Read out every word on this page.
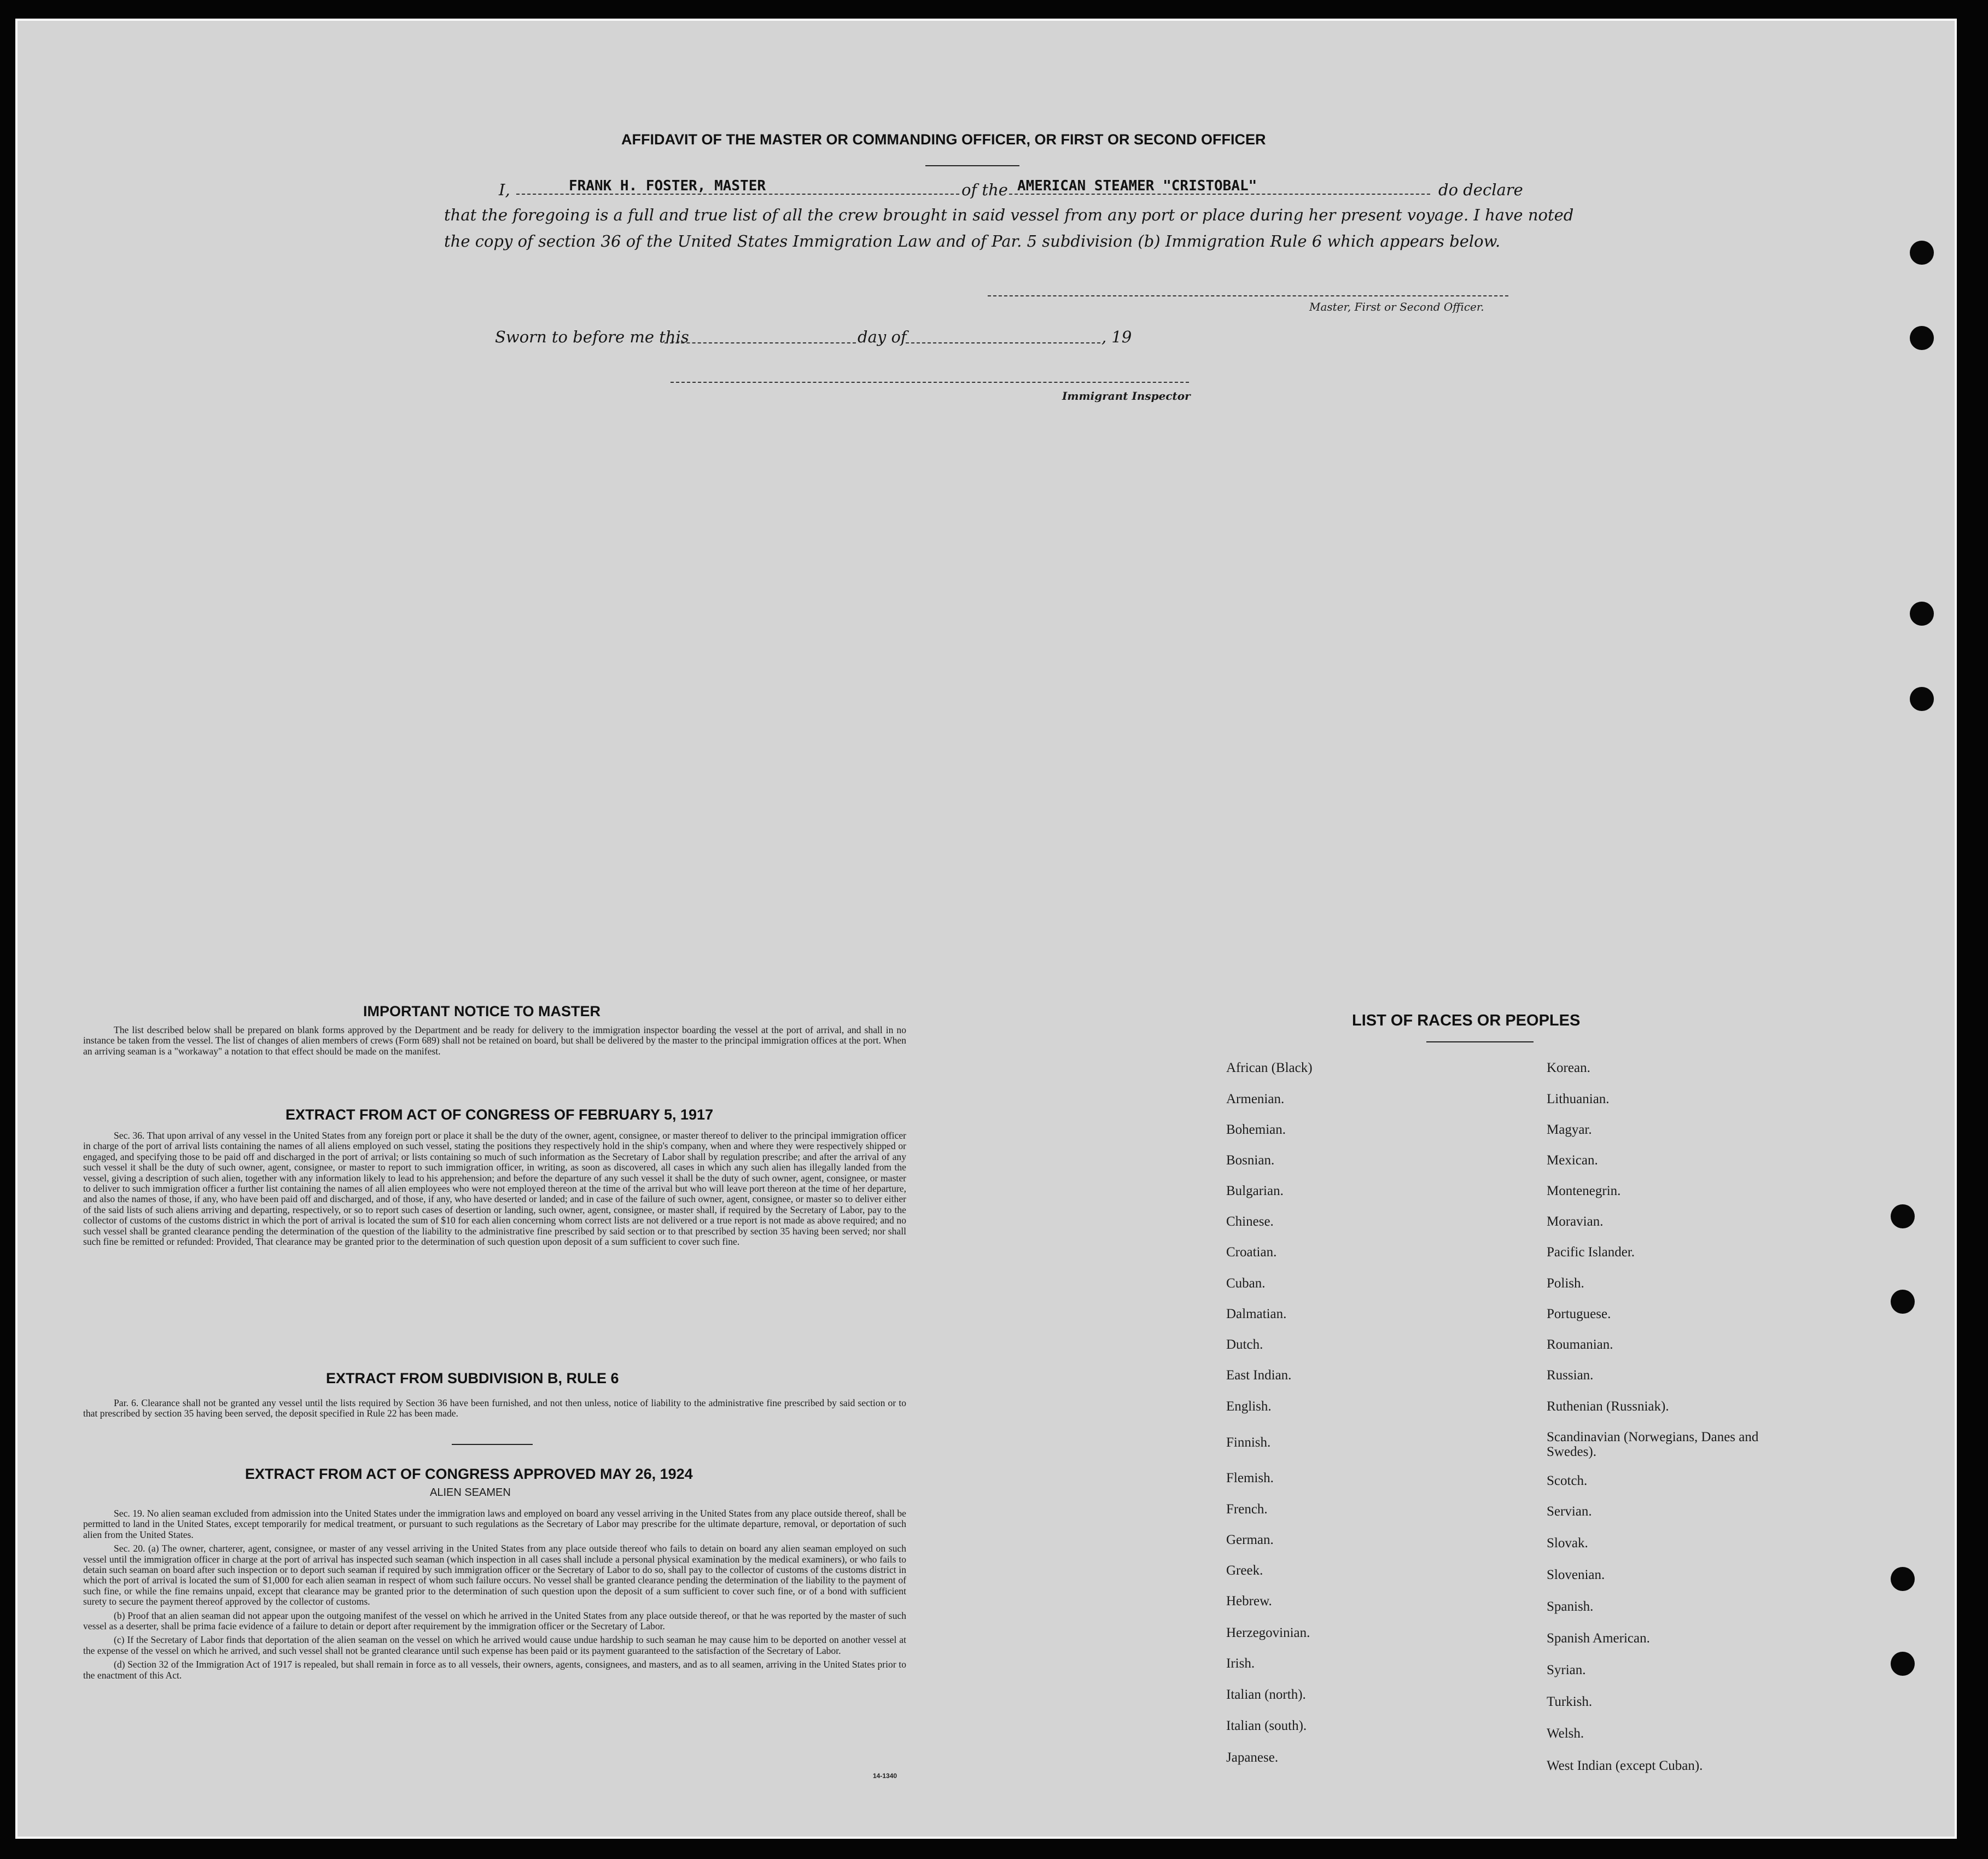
AFFIDAVIT OF THE MASTER OR COMMANDING OFFICER, OR FIRST OR SECOND OFFICER
I,	FRANK H. FOSTER, MASTER	of the AMERICAN STEAMER "CRISTOBAL"	do declare
that the foregoing is a full and true list of all the crew brought in said vessel from any port or place during her present voyage. I have noted
the copy of section 36 of the United States Immigration Law and of Par. 5 subdivision (b) Immigration Rule 6 which appears below.
Master, First or Second Officer.
Sworn to before me this	day of	, 19
Immigrant Inspector
IMPORTANT NOTICE TO MASTER

The list described below shall be prepared on blank forms approved by the Department and be ready for delivery to the immigration inspector boarding the vessel at the port of arrival, and shall in no instance be taken from the vessel. The list of changes of alien members of crews (Form 689) shall not be retained on board, but shall be delivered by the master to the principal immigration offices at the port. When an arriving seaman is a "workaway" a notation to that effect should be made on the manifest.

EXTRACT FROM ACT OF CONGRESS OF FEBRUARY 5, 1917

Sec. 36. That upon arrival of any vessel in the United States from any foreign port or place it shall be the duty of the owner, agent, consignee, or master thereof to deliver to the principal immigration officer in charge of the port of arrival lists containing the names of all aliens employed on such vessel, stating the positions they respectively hold in the ship's company, when and where they were respectively shipped or engaged, and specifying those to be paid off and discharged in the port of arrival; or lists containing so much of such information as the Secretary of Labor shall by regulation prescribe; and after the arrival of any such vessel it shall be the duty of such owner, agent, consignee, or master to report to such immigration officer, in writing, as soon as discovered, all cases in which any such alien has illegally landed from the vessel, giving a description of such alien, together with any information likely to lead to his apprehension; and before the departure of any such vessel it shall be the duty of such owner, agent, consignee, or master to deliver to such immigration officer a further list containing the names of all alien employees who were not employed thereon at the time of the arrival but who will leave port thereon at the time of her departure, and also the names of those, if any, who have been paid off and discharged, and of those, if any, who have deserted or landed; and in case of the failure of such owner, agent, consignee, or master so to deliver either of the said lists of such aliens arriving and departing, respectively, or so to report such cases of desertion or landing, such owner, agent, consignee, or master shall, if required by the Secretary of Labor, pay to the collector of customs of the customs district in which the port of arrival is located the sum of $10 for each alien concerning whom correct lists are not delivered or a true report is not made as above required; and no such vessel shall be granted clearance pending the determination of the question of the liability to the administrative fine prescribed by said section or to that prescribed by section 35 having been served; nor shall such fine be remitted or refunded: Provided, That clearance may be granted prior to the determination of such question upon deposit of a sum sufficient to cover such fine.

EXTRACT FROM SUBDIVISION B, RULE 6

Par. 6. Clearance shall not be granted any vessel until the lists required by Section 36 have been furnished, and not then unless, notice of liability to the administrative fine prescribed by said section or to that prescribed by section 35 having been served, the deposit specified in Rule 22 has been made.

EXTRACT FROM ACT OF CONGRESS APPROVED MAY 26, 1924
ALIEN SEAMEN

Sec. 19. No alien seaman excluded from admission into the United States under the immigration laws and employed on board any vessel arriving in the United States from any place outside thereof, shall be permitted to land in the United States, except temporarily for medical treatment, or pursuant to such regulations as the Secretary of Labor may prescribe for the ultimate departure, removal, or deportation of such alien from the United States.

Sec. 20. (a) The owner, charterer, agent, consignee, or master of any vessel arriving in the United States from any place outside thereof who fails to detain on board any alien seaman employed on such vessel until the immigration officer in charge at the port of arrival has inspected such seaman (which inspection in all cases shall include a personal physical examination by the medical examiners), or who fails to detain such seaman on board after such inspection or to deport such seaman if required by such immigration officer or the Secretary of Labor to do so, shall pay to the collector of customs of the customs district in which the port of arrival is located the sum of $1,000 for each alien seaman in respect of whom such failure occurs. No vessel shall be granted clearance pending the determination of the liability to the payment of such fine, or while the fine remains unpaid, except that clearance may be granted prior to the determination of such question upon the deposit of a sum sufficient to cover such fine, or of a bond with sufficient surety to secure the payment thereof approved by the collector of customs.

(b) Proof that an alien seaman did not appear upon the outgoing manifest of the vessel on which he arrived in the United States from any place outside thereof, or that he was reported by the master of such vessel as a deserter, shall be prima facie evidence of a failure to detain or deport after requirement by the immigration officer or the Secretary of Labor.

(c) If the Secretary of Labor finds that deportation of the alien seaman on the vessel on which he arrived would cause undue hardship to such seaman he may cause him to be deported on another vessel at the expense of the vessel on which he arrived, and such vessel shall not be granted clearance until such expense has been paid or its payment guaranteed to the satisfaction of the Secretary of Labor.

(d) Section 32 of the Immigration Act of 1917 is repealed, but shall remain in force as to all vessels, their owners, agents, consignees, and masters, and as to all seamen, arriving in the United States prior to the enactment of this Act.

14-1340
LIST OF RACES OR PEOPLES
African (Black)
Armenian.
Bohemian.
Bosnian.
Bulgarian.
Chinese.
Croatian.
Cuban.
Dalmatian.
Dutch.
East Indian.
English.
Finnish.
Flemish.
French.
German.
Greek.
Hebrew.
Herzegovinian.
Irish.
Italian (north).
Italian (south).
Japanese.
Korean.
Lithuanian.
Magyar.
Mexican.
Montenegrin.
Moravian.
Pacific Islander.
Polish.
Portuguese.
Roumanian.
Russian.
Ruthenian (Russniak).
Scandinavian (Norwegians, Danes and Swedes).
Scotch.
Servian.
Slovak.
Slovenian.
Spanish.
Spanish American.
Syrian.
Turkish.
Welsh.
West Indian (except Cuban).
